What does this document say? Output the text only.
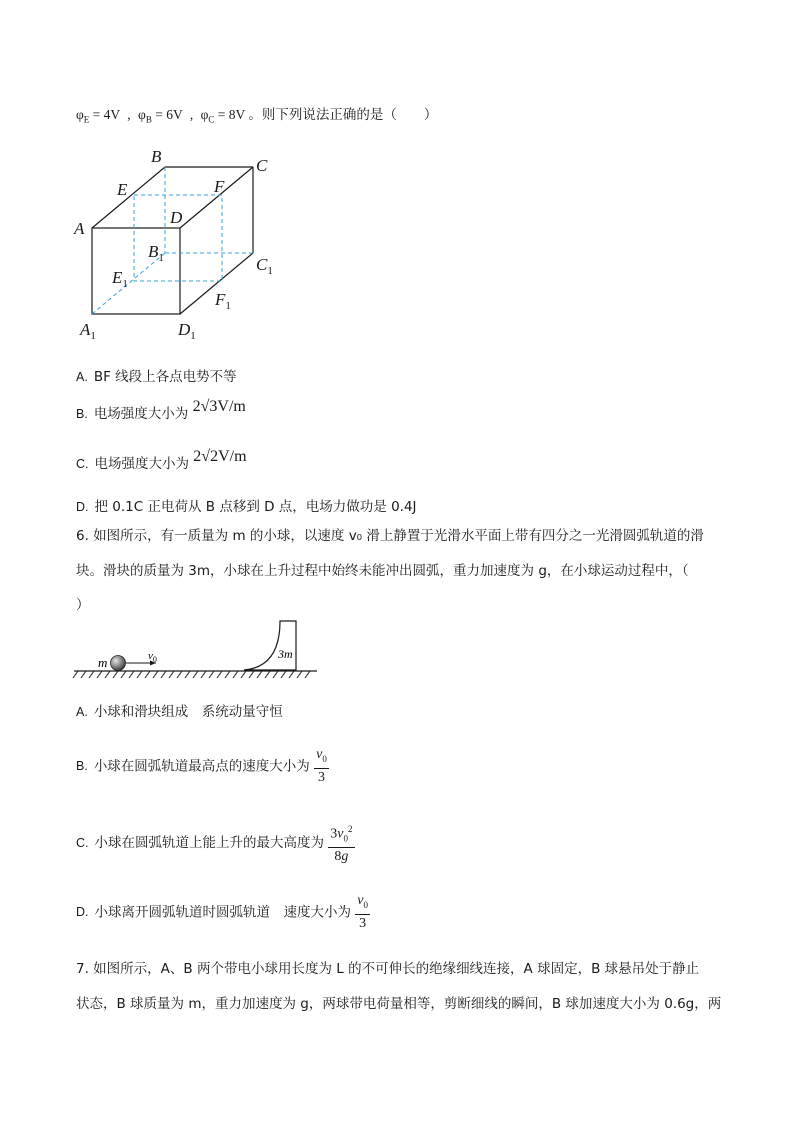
$\varphi_E = 4V$ , $\varphi_B = 6V$ , $\varphi_C = 8V$ 。则下列说法正确的是（　　）
B	C
E	F
D
A
$B_1$	$C_1$
$E_1$
$F_1$
$A_1$	$D_1$
A. BF 线段上各点电势不等
B. 电场强度大小为 2√3V/m
C. 电场强度大小为 2√2V/m
D. 把 0.1C 正电荷从 B 点移到 D 点，电场力做功是 0.4J
6. 如图所示，有一质量为 m 的小球，以速度 v₀ 滑上静置于光滑水平面上带有四分之一光滑圆弧轨道的滑
块。滑块的质量为 3m，小球在上升过程中始终未能冲出圆弧，重力加速度为 g，在小球运动过程中，（
）
3m
m	$v_0$
A. 小球和滑块组成　系统动量守恒
B. 小球在圆弧轨道最高点的速度大小为 $\frac{v_0}{3}$
C. 小球在圆弧轨道上能上升的最大高度为 $\frac{3v_0^2}{8g}$
D. 小球离开圆弧轨道时圆弧轨道　速度大小为 $\frac{v_0}{3}$
7. 如图所示，A、B 两个带电小球用长度为 L 的不可伸长的绝缘细线连接，A 球固定，B 球悬吊处于静止
状态，B 球质量为 m，重力加速度为 g，两球带电荷量相等，剪断细线的瞬间，B 球加速度大小为 0.6g，两
